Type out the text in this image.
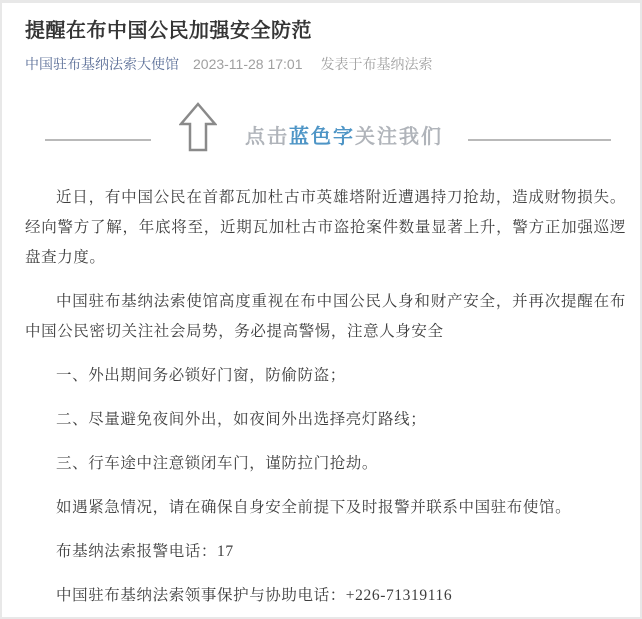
提醒在布中国公民加强安全防范
中国驻布基纳法索大使馆 2023-11-28 17:01 发表于布基纳法索
点击蓝色字关注我们

近日，有中国公民在首都瓦加杜古市英雄塔附近遭遇持刀抢劫，造成财物损失。经向警方了解，年底将至，近期瓦加杜古市盗抢案件数量显著上升，警方正加强巡逻盘查力度。

中国驻布基纳法索使馆高度重视在布中国公民人身和财产安全，并再次提醒在布中国公民密切关注社会局势，务必提高警惕，注意人身安全

一、外出期间务必锁好门窗，防偷防盗；

二、尽量避免夜间外出，如夜间外出选择亮灯路线；

三、行车途中注意锁闭车门，谨防拉门抢劫。

如遇紧急情况，请在确保自身安全前提下及时报警并联系中国驻布使馆。

布基纳法索报警电话：17

中国驻布基纳法索领事保护与协助电话：+226-71319116
